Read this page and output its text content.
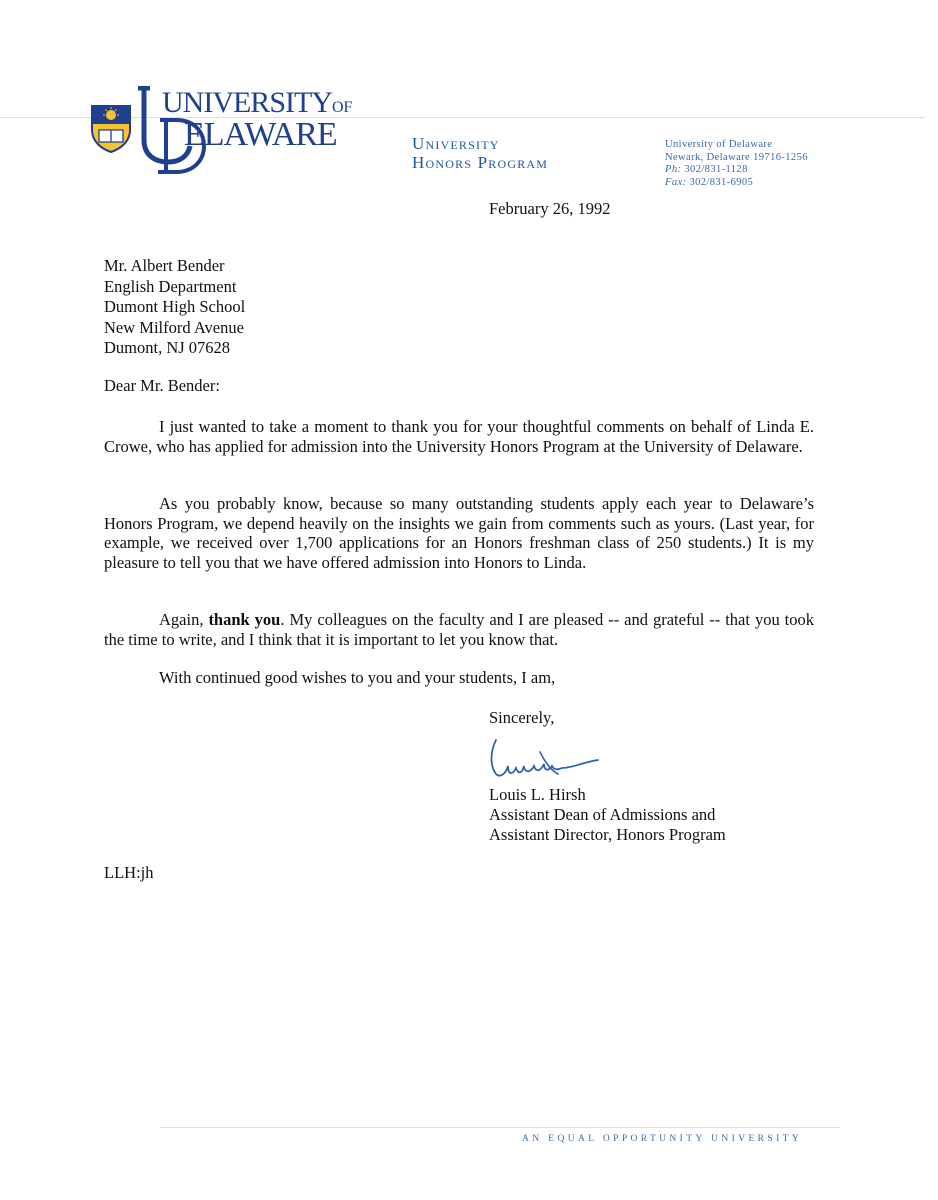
UNIVERSITYOF
ELAWARE	University
Honors Program
University of Delaware
Newark, Delaware 19716-1256
Ph: 302/831-1128
Fax: 302/831-6905
February 26, 1992
Mr. Albert Bender
English Department
Dumont High School
New Milford Avenue
Dumont, NJ 07628
Dear Mr. Bender:
I just wanted to take a moment to thank you for your thoughtful comments on behalf of Linda E. Crowe, who has applied for admission into the University Honors Program at the University of Delaware.
As you probably know, because so many outstanding students apply each year to Delaware’s Honors Program, we depend heavily on the insights we gain from comments such as yours. (Last year, for example, we received over 1,700 applications for an Honors freshman class of 250 students.) It is my pleasure to tell you that we have offered admission into Honors to Linda.
Again, thank you. My colleagues on the faculty and I are pleased -- and grateful -- that you took the time to write, and I think that it is important to let you know that.
With continued good wishes to you and your students, I am,
Sincerely,
Louis L. Hirsh
Assistant Dean of Admissions and
Assistant Director, Honors Program
LLH:jh
AN EQUAL OPPORTUNITY UNIVERSITY
